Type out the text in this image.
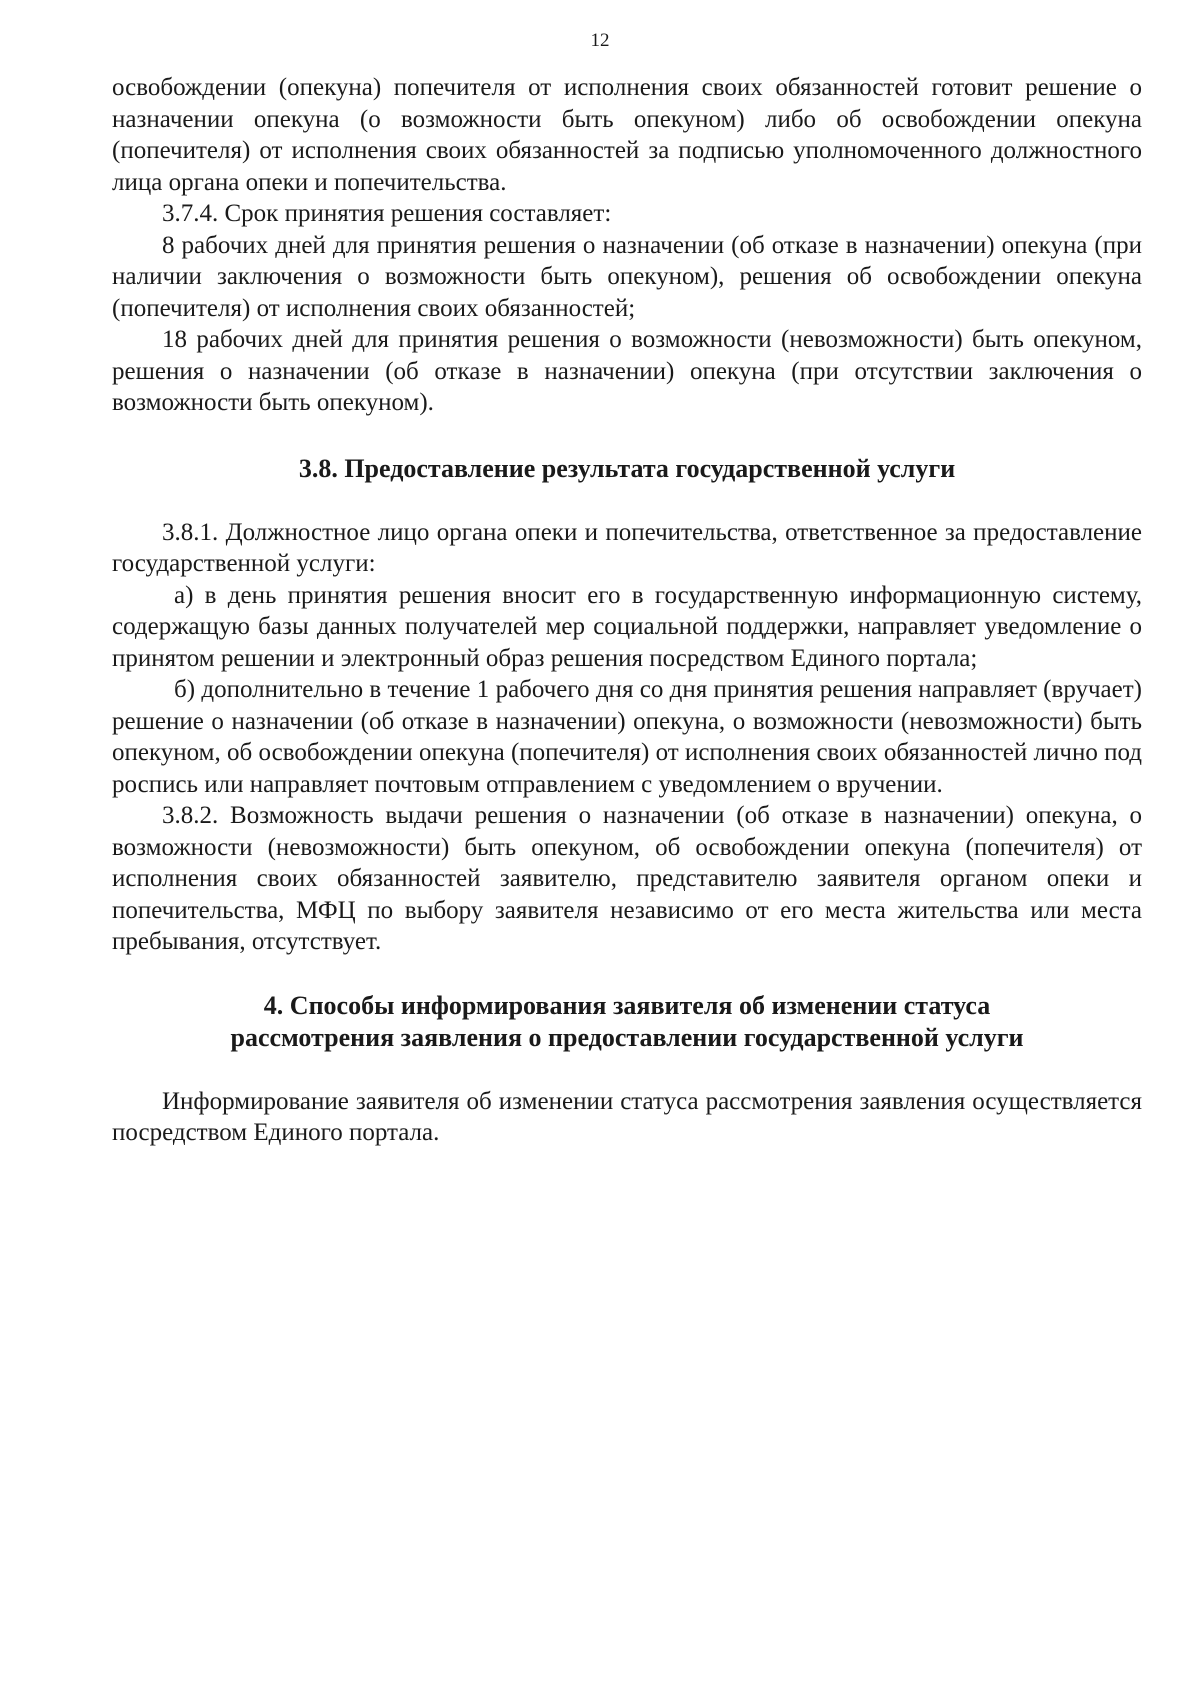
12

освобождении (опекуна) попечителя от исполнения своих обязанностей готовит решение о назначении опекуна (о возможности быть опекуном) либо об освобождении опекуна (попечителя) от исполнения своих обязанностей за подписью уполномоченного должностного лица органа опеки и попечительства.

3.7.4. Срок принятия решения составляет:

8 рабочих дней для принятия решения о назначении (об отказе в назначении) опекуна (при наличии заключения о возможности быть опекуном), решения об освобождении опекуна (попечителя) от исполнения своих обязанностей;

18 рабочих дней для принятия решения о возможности (невозможности) быть опекуном, решения о назначении (об отказе в назначении) опекуна (при отсутствии заключения о возможности быть опекуном).

3.8. Предоставление результата государственной услуги

3.8.1. Должностное лицо органа опеки и попечительства, ответственное за предоставление государственной услуги:

а) в день принятия решения вносит его в государственную информационную систему, содержащую базы данных получателей мер социальной поддержки, направляет уведомление о принятом решении и электронный образ решения посредством Единого портала;

б) дополнительно в течение 1 рабочего дня со дня принятия решения направляет (вручает) решение о назначении (об отказе в назначении) опекуна, о возможности (невозможности) быть опекуном, об освобождении опекуна (попечителя) от исполнения своих обязанностей лично под роспись или направляет почтовым отправлением с уведомлением о вручении.

3.8.2. Возможность выдачи решения о назначении (об отказе в назначении) опекуна, о возможности (невозможности) быть опекуном, об освобождении опекуна (попечителя) от исполнения своих обязанностей заявителю, представителю заявителя органом опеки и попечительства, МФЦ по выбору заявителя независимо от его места жительства или места пребывания, отсутствует.

4. Способы информирования заявителя об изменении статуса
рассмотрения заявления о предоставлении государственной услуги

Информирование заявителя об изменении статуса рассмотрения заявления осуществляется посредством Единого портала.
